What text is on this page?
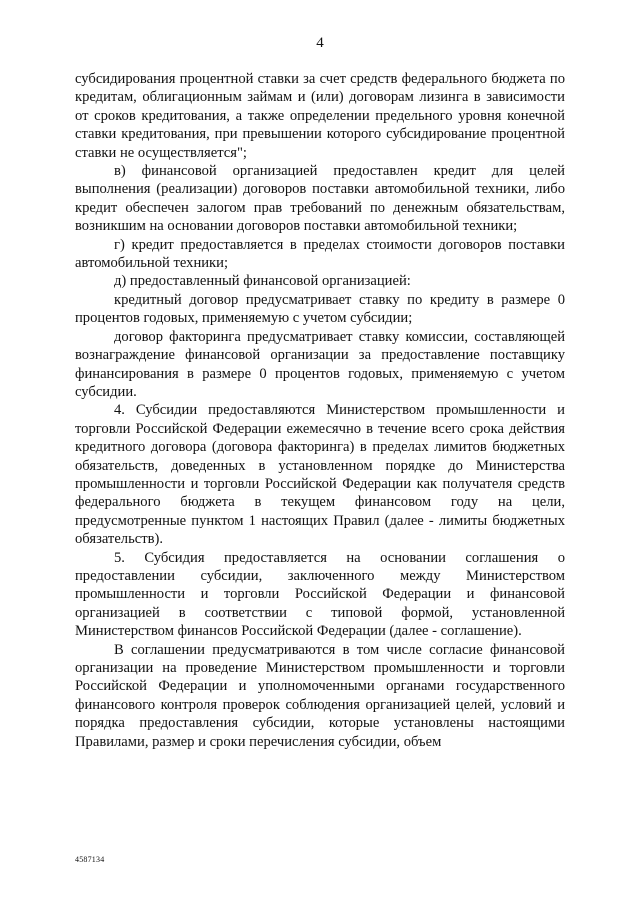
4

субсидирования процентной ставки за счет средств федерального бюджета по кредитам, облигационным займам и (или) договорам лизинга в зависимости от сроков кредитования, а также определении предельного уровня конечной ставки кредитования, при превышении которого субсидирование процентной ставки не осуществляется";

в) финансовой организацией предоставлен кредит для целей выполнения (реализации) договоров поставки автомобильной техники, либо кредит обеспечен залогом прав требований по денежным обязательствам, возникшим на основании договоров поставки автомобильной техники;

г) кредит предоставляется в пределах стоимости договоров поставки автомобильной техники;

д) предоставленный финансовой организацией:

кредитный договор предусматривает ставку по кредиту в размере 0 процентов годовых, применяемую с учетом субсидии;

договор факторинга предусматривает ставку комиссии, составляющей вознаграждение финансовой организации за предоставление поставщику финансирования в размере 0 процентов годовых, применяемую с учетом субсидии.

4. Субсидии предоставляются Министерством промышленности и торговли Российской Федерации ежемесячно в течение всего срока действия кредитного договора (договора факторинга) в пределах лимитов бюджетных обязательств, доведенных в установленном порядке до Министерства промышленности и торговли Российской Федерации как получателя средств федерального бюджета в текущем финансовом году на цели, предусмотренные пунктом 1 настоящих Правил (далее - лимиты бюджетных обязательств).

5. Субсидия предоставляется на основании соглашения о предоставлении субсидии, заключенного между Министерством промышленности и торговли Российской Федерации и финансовой организацией в соответствии с типовой формой, установленной Министерством финансов Российской Федерации (далее - соглашение).

В соглашении предусматриваются в том числе согласие финансовой организации на проведение Министерством промышленности и торговли Российской Федерации и уполномоченными органами государственного финансового контроля проверок соблюдения организацией целей, условий и порядка предоставления субсидии, которые установлены настоящими Правилами, размер и сроки перечисления субсидии, объем

4587134
